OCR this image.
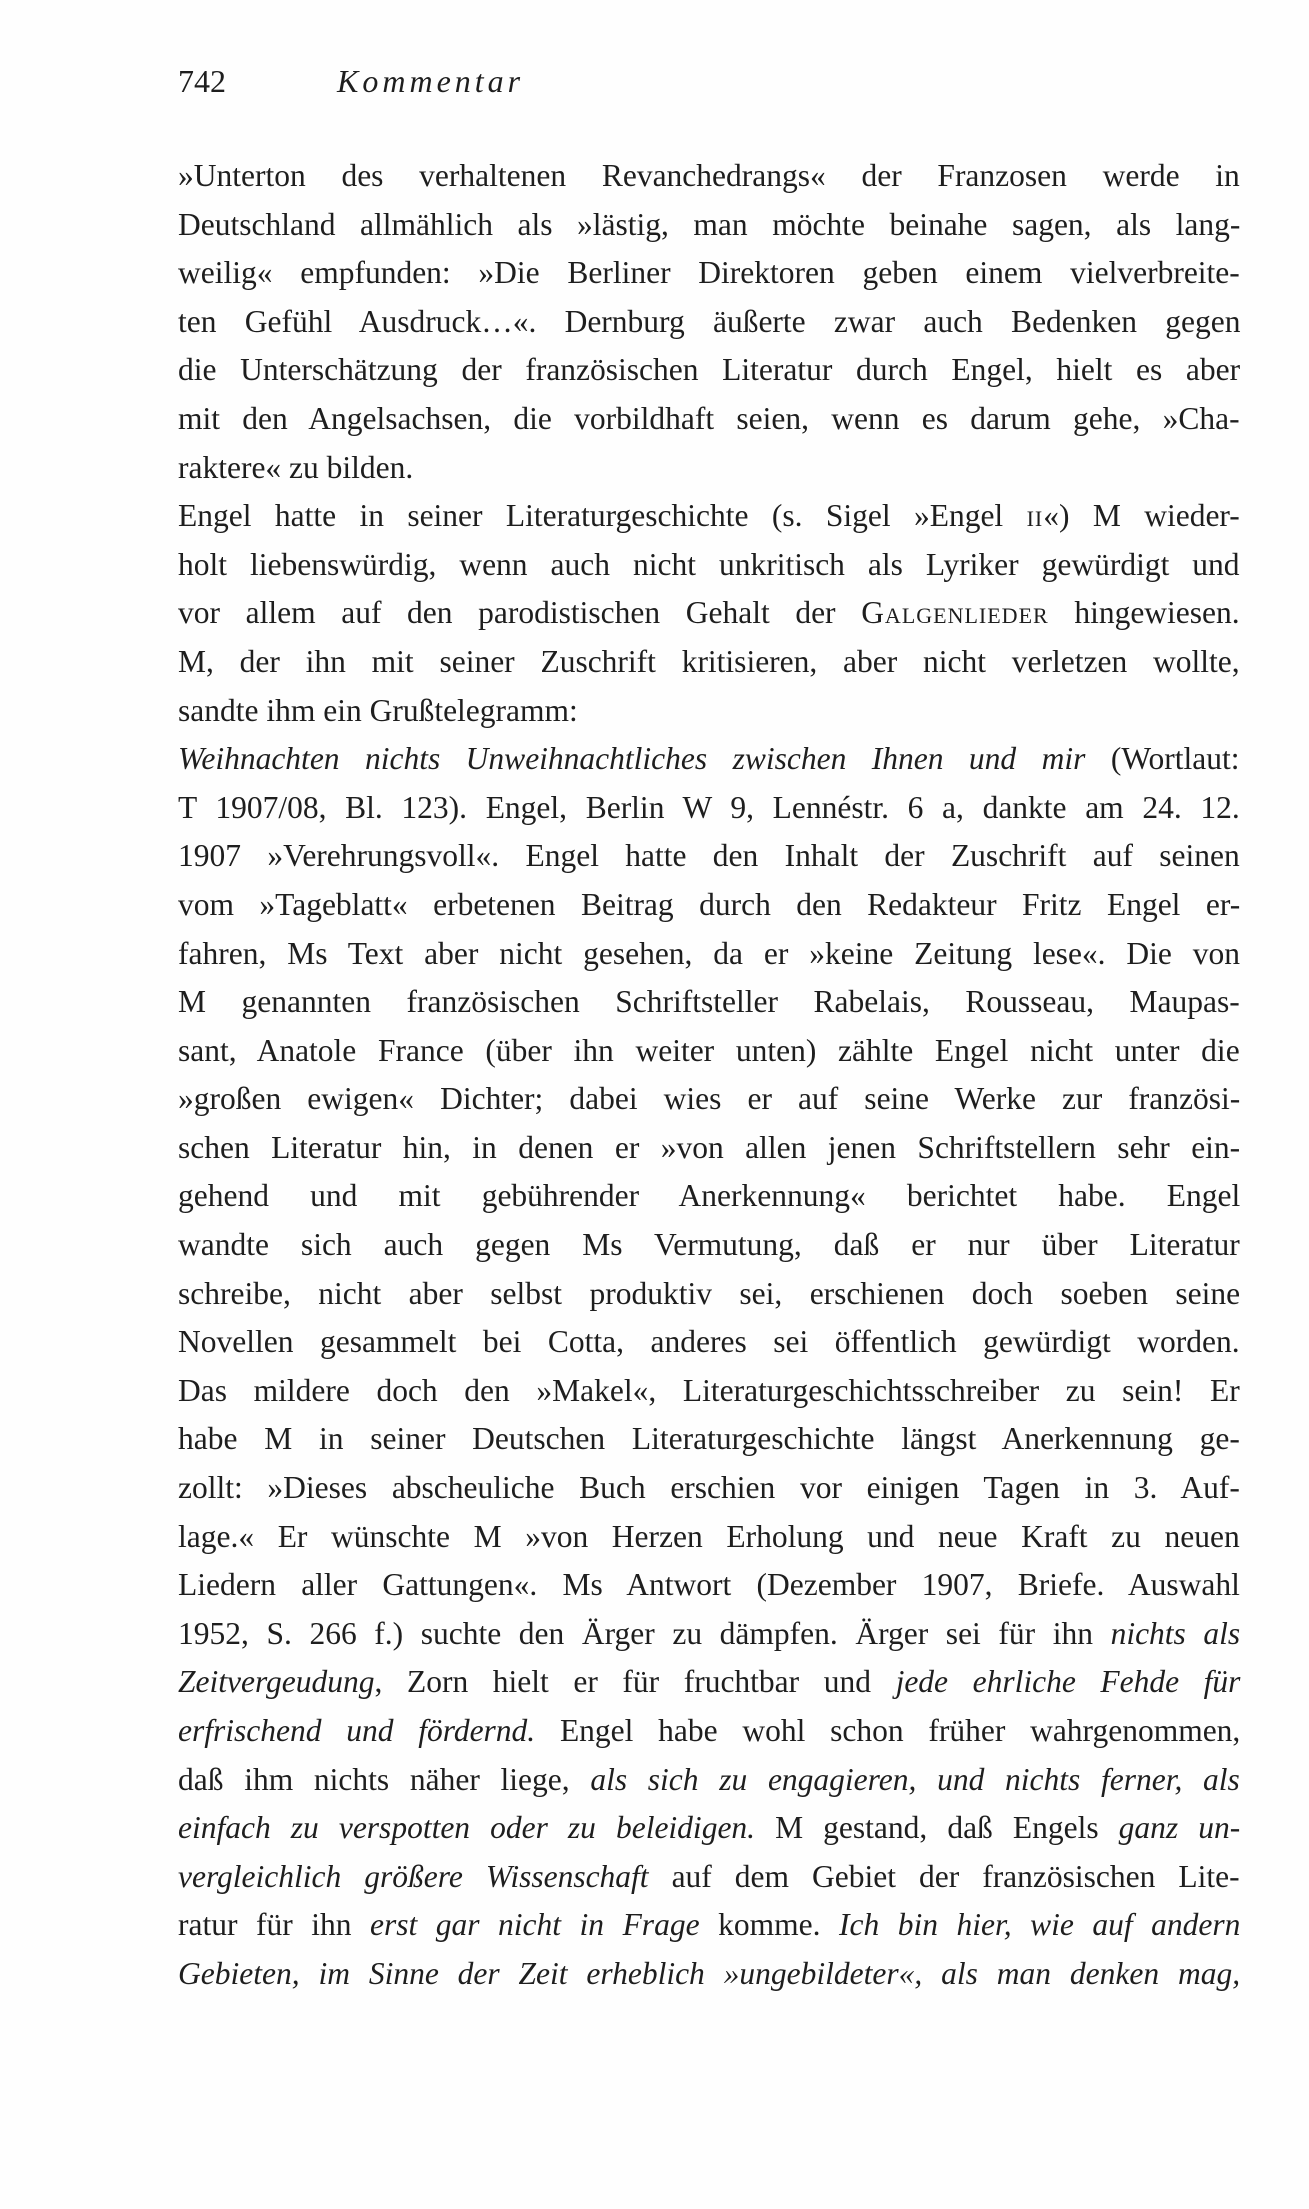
742	Kommentar
»Unterton des verhaltenen Revanchedrangs« der Franzosen werde in
Deutschland allmählich als »lästig, man möchte beinahe sagen, als lang-
weilig« empfunden: »Die Berliner Direktoren geben einem vielverbreite-
ten Gefühl Ausdruck…«. Dernburg äußerte zwar auch Bedenken gegen
die Unterschätzung der französischen Literatur durch Engel, hielt es aber
mit den Angelsachsen, die vorbildhaft seien, wenn es darum gehe, »Cha-
raktere« zu bilden.
Engel hatte in seiner Literaturgeschichte (s. Sigel »Engel ii«) M wieder-
holt liebenswürdig, wenn auch nicht unkritisch als Lyriker gewürdigt und
vor allem auf den parodistischen Gehalt der Galgenlieder hingewiesen.
M, der ihn mit seiner Zuschrift kritisieren, aber nicht verletzen wollte,
sandte ihm ein Grußtelegramm:
Weihnachten nichts Unweihnachtliches zwischen Ihnen und mir (Wortlaut:
T 1907/08, Bl. 123). Engel, Berlin W 9, Lennéstr. 6 a, dankte am 24. 12.
1907 »Verehrungsvoll«. Engel hatte den Inhalt der Zuschrift auf seinen
vom »Tageblatt« erbetenen Beitrag durch den Redakteur Fritz Engel er-
fahren, Ms Text aber nicht gesehen, da er »keine Zeitung lese«. Die von
M genannten französischen Schriftsteller Rabelais, Rousseau, Maupas-
sant, Anatole France (über ihn weiter unten) zählte Engel nicht unter die
»großen ewigen« Dichter; dabei wies er auf seine Werke zur französi-
schen Literatur hin, in denen er »von allen jenen Schriftstellern sehr ein-
gehend und mit gebührender Anerkennung« berichtet habe. Engel
wandte sich auch gegen Ms Vermutung, daß er nur über Literatur
schreibe, nicht aber selbst produktiv sei, erschienen doch soeben seine
Novellen gesammelt bei Cotta, anderes sei öffentlich gewürdigt worden.
Das mildere doch den »Makel«, Literaturgeschichtsschreiber zu sein! Er
habe M in seiner Deutschen Literaturgeschichte längst Anerkennung ge-
zollt: »Dieses abscheuliche Buch erschien vor einigen Tagen in 3. Auf-
lage.« Er wünschte M »von Herzen Erholung und neue Kraft zu neuen
Liedern aller Gattungen«. Ms Antwort (Dezember 1907, Briefe. Auswahl
1952, S. 266 f.) suchte den Ärger zu dämpfen. Ärger sei für ihn nichts als
Zeitvergeudung, Zorn hielt er für fruchtbar und jede ehrliche Fehde für
erfrischend und fördernd. Engel habe wohl schon früher wahrgenommen,
daß ihm nichts näher liege, als sich zu engagieren, und nichts ferner, als
einfach zu verspotten oder zu beleidigen. M gestand, daß Engels ganz un-
vergleichlich größere Wissenschaft auf dem Gebiet der französischen Lite-
ratur für ihn erst gar nicht in Frage komme. Ich bin hier, wie auf andern
Gebieten, im Sinne der Zeit erheblich »ungebildeter«, als man denken mag,
